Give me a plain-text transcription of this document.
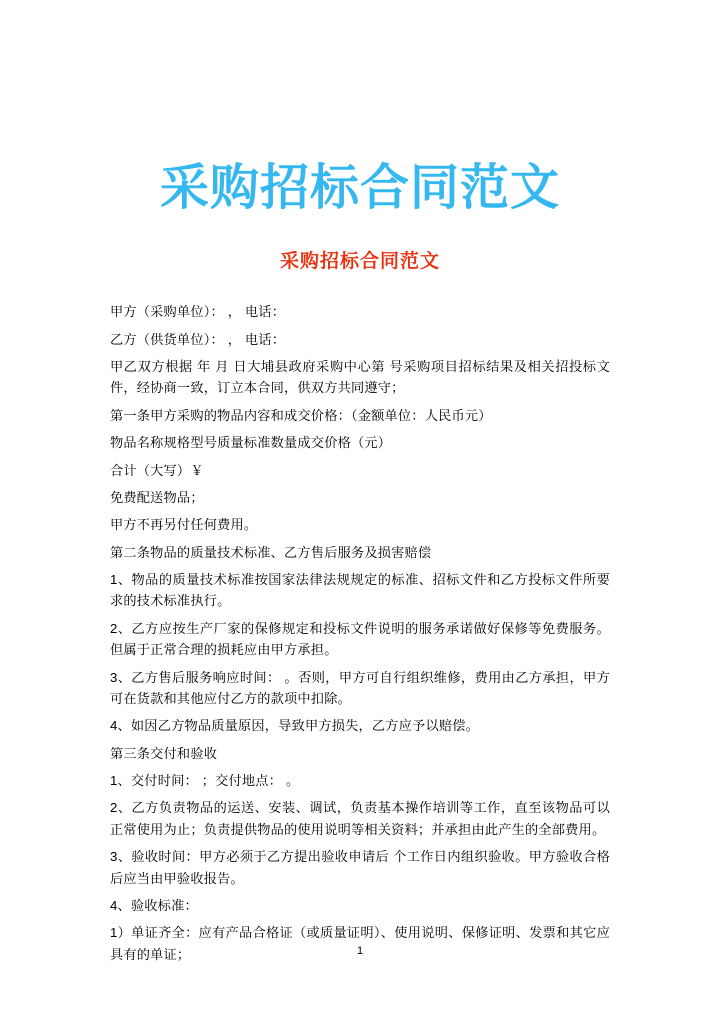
采购招标合同范文
采购招标合同范文

甲方（采购单位）： ， 电话：

乙方（供货单位）： ， 电话：

甲乙双方根据 年 月 日大埔县政府采购中心第 号采购项目招标结果及相关招投标文件，经协商一致，订立本合同，供双方共同遵守；

第一条甲方采购的物品内容和成交价格：（金额单位：人民币元）

物品名称规格型号质量标准数量成交价格（元）

合计（大写）￥

免费配送物品；

甲方不再另付任何费用。

第二条物品的质量技术标准、乙方售后服务及损害赔偿

1、物品的质量技术标准按国家法律法规规定的标准、招标文件和乙方投标文件所要求的技术标准执行。

2、乙方应按生产厂家的保修规定和投标文件说明的服务承诺做好保修等免费服务。但属于正常合理的损耗应由甲方承担。

3、乙方售后服务响应时间： 。否则，甲方可自行组织维修，费用由乙方承担，甲方可在货款和其他应付乙方的款项中扣除。

4、如因乙方物品质量原因，导致甲方损失，乙方应予以赔偿。

第三条交付和验收

1、交付时间： ；交付地点： 。

2、乙方负责物品的运送、安装、调试，负责基本操作培训等工作，直至该物品可以正常使用为止；负责提供物品的使用说明等相关资料；并承担由此产生的全部费用。

3、验收时间：甲方必须于乙方提出验收申请后 个工作日内组织验收。甲方验收合格后应当由甲验收报告。

4、验收标准：

1）单证齐全：应有产品合格证（或质量证明）、使用说明、保修证明、发票和其它应具有的单证；	1
